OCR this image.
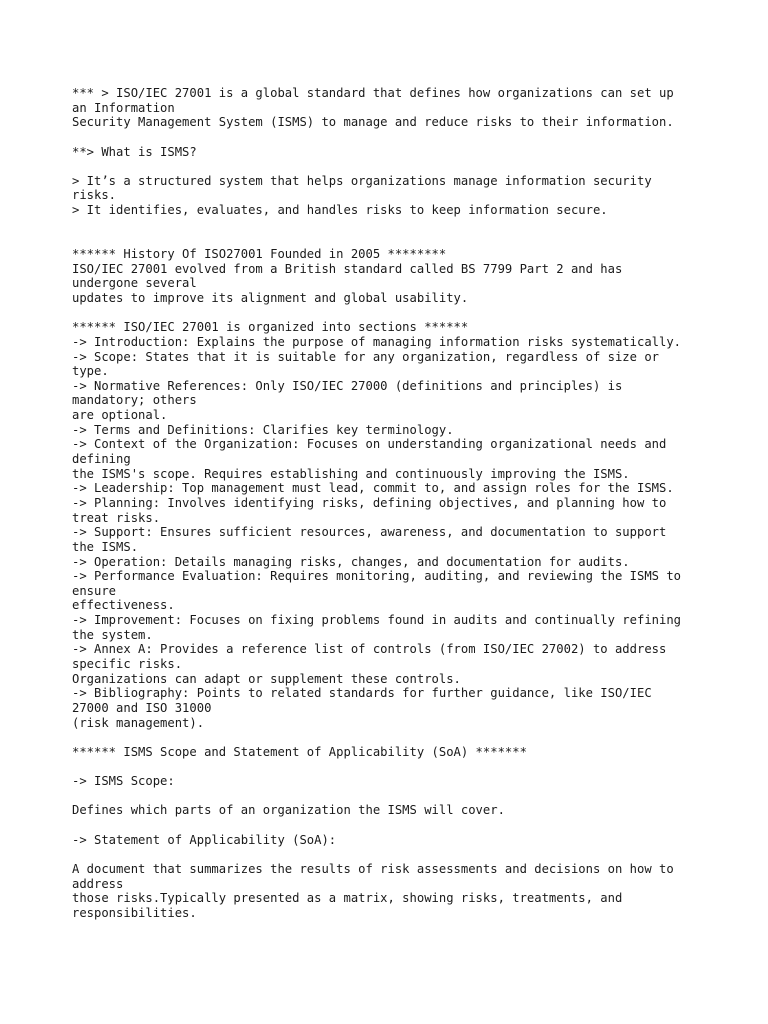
*** > ISO/IEC 27001 is a global standard that defines how organizations can set up
an Information
Security Management System (ISMS) to manage and reduce risks to their information.
**> What is ISMS?
> It’s a structured system that helps organizations manage information security
risks.
> It identifies, evaluates, and handles risks to keep information secure.
****** History Of ISO27001 Founded in 2005 ********
ISO/IEC 27001 evolved from a British standard called BS 7799 Part 2 and has
undergone several
updates to improve its alignment and global usability.
****** ISO/IEC 27001 is organized into sections ******
-> Introduction: Explains the purpose of managing information risks systematically.
-> Scope: States that it is suitable for any organization, regardless of size or
type.
-> Normative References: Only ISO/IEC 27000 (definitions and principles) is
mandatory; others
are optional.
-> Terms and Definitions: Clarifies key terminology.
-> Context of the Organization: Focuses on understanding organizational needs and
defining
the ISMS's scope. Requires establishing and continuously improving the ISMS.
-> Leadership: Top management must lead, commit to, and assign roles for the ISMS.
-> Planning: Involves identifying risks, defining objectives, and planning how to
treat risks.
-> Support: Ensures sufficient resources, awareness, and documentation to support
the ISMS.
-> Operation: Details managing risks, changes, and documentation for audits.
-> Performance Evaluation: Requires monitoring, auditing, and reviewing the ISMS to
ensure
effectiveness.
-> Improvement: Focuses on fixing problems found in audits and continually refining
the system.
-> Annex A: Provides a reference list of controls (from ISO/IEC 27002) to address
specific risks.
Organizations can adapt or supplement these controls.
-> Bibliography: Points to related standards for further guidance, like ISO/IEC
27000 and ISO 31000
(risk management).
****** ISMS Scope and Statement of Applicability (SoA) *******
-> ISMS Scope:
Defines which parts of an organization the ISMS will cover.
-> Statement of Applicability (SoA):
A document that summarizes the results of risk assessments and decisions on how to
address
those risks.Typically presented as a matrix, showing risks, treatments, and
responsibilities.
